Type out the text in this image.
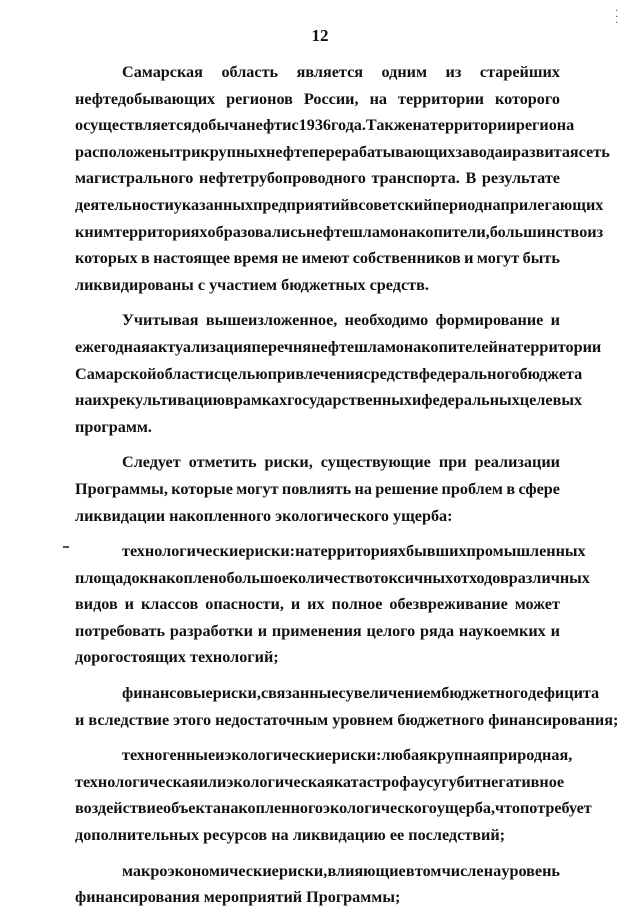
.
.
.
12
Самарская область является одним из старейших
нефтедобывающих регионов России, на территории которого
осуществляется добыча нефти с 1936 года. Также на территории региона
расположены три крупных нефтеперерабатывающих завода и развитая сеть
магистрального нефтетрубопроводного транспорта. В результате
деятельности указанных предприятий в советский период на прилегающих
к ним территориях образовались нефтешламонакопители, большинство из
которых в настоящее время не имеют собственников и могут быть
ликвидированы с участием бюджетных средств.
Учитывая вышеизложенное, необходимо формирование и
ежегодная актуализация перечня нефтешламонакопителей на территории
Самарской области с целью привлечения средств федерального бюджета
на их рекультивацию в рамках государственных и федеральных целевых
программ.
Следует отметить риски, существующие при реализации
Программы, которые могут повлиять на решение проблем в сфере
ликвидации накопленного экологического ущерба:
технологические риски: на территориях бывших промышленных
площадок накоплено большое количество токсичных отходов различных
видов и классов опасности, и их полное обезвреживание может
потребовать разработки и применения целого ряда наукоемких и
дорогостоящих технологий;
финансовые риски, связанные с увеличением бюджетного дефицита
и вследствие этого недостаточным уровнем бюджетного финансирования;
техногенные и экологические риски: любая крупная природная,
технологическая или экологическая катастрофа усугубит негативное
воздействие объекта накопленного экологического ущерба, что потребует
дополнительных ресурсов на ликвидацию ее последствий;
макроэкономические риски, влияющие в том числе на уровень
финансирования мероприятий Программы;
